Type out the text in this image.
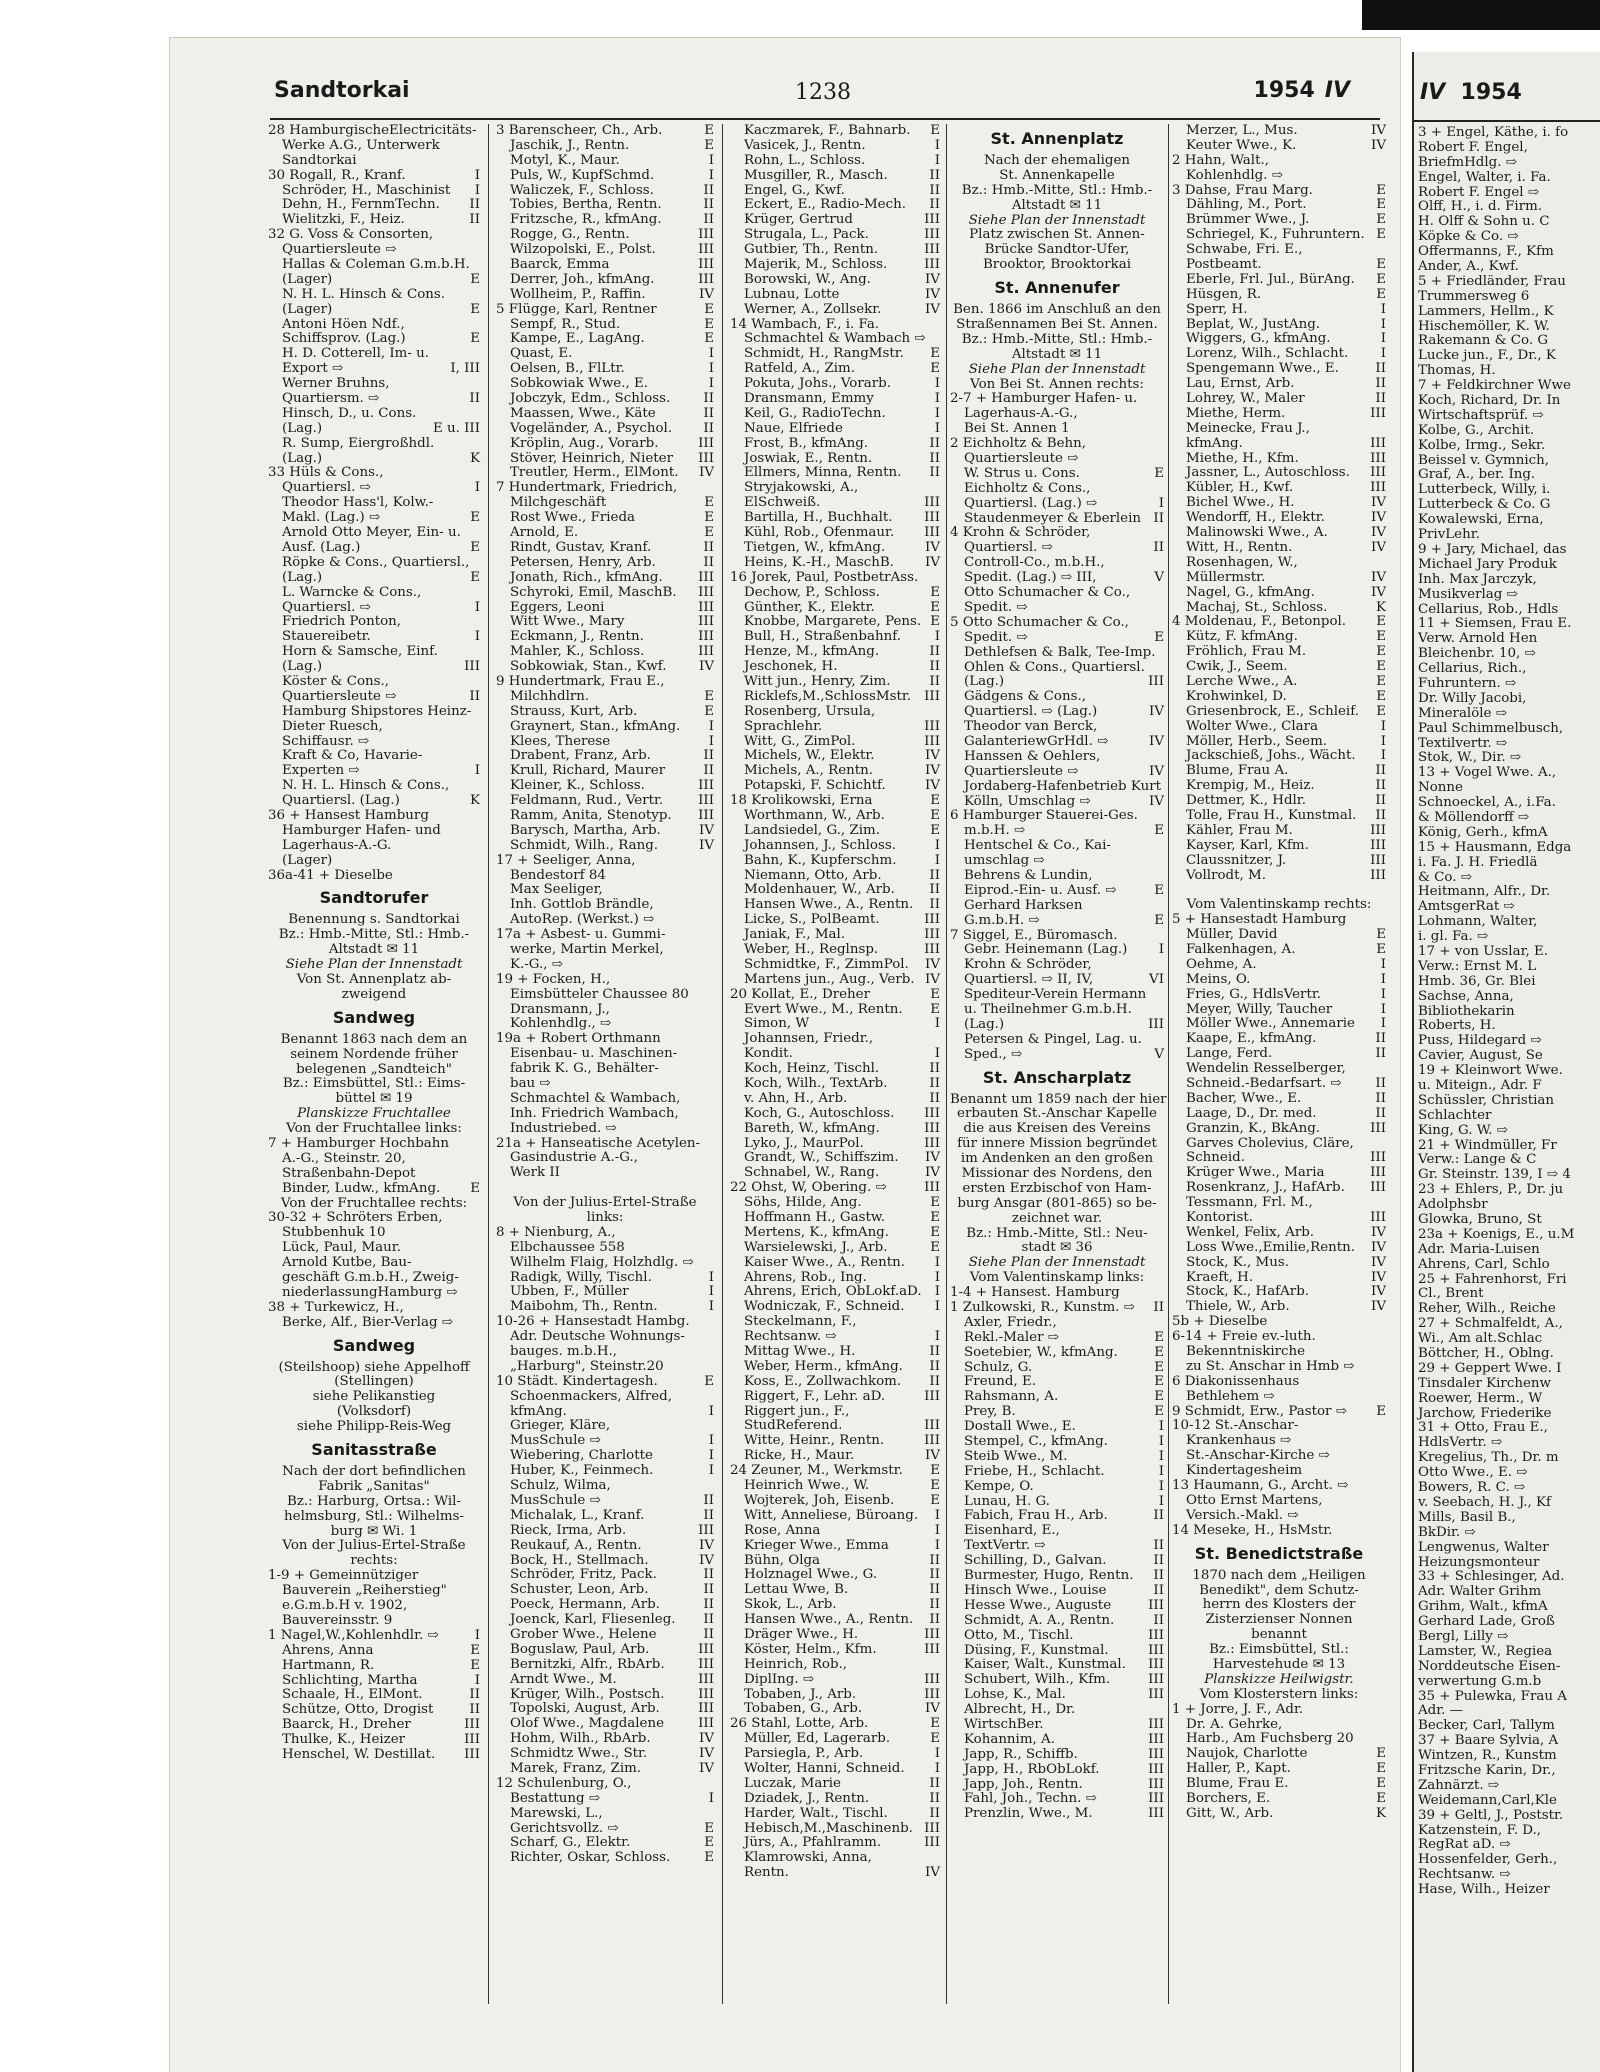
Sandtorkai	1238	1954 IV
28 HamburgischeElectricitäts-
Werke A.G., Unterwerk
Sandtorkai
30 Rogall, R., Kranf.	I
Schröder, H., Maschinist I
Dehn, H., FernmTechn. II
Wielitzki, F., Heiz.	II
32 G. Voss & Consorten,
Quartiersleute ⇨
Hallas & Coleman G.m.b.H.
(Lager)	E
N. H. L. Hinsch & Cons.
(Lager)	E
Antoni Höen Ndf.,
Schiffsprov. (Lag.)	E
H. D. Cotterell, Im- u.
Export ⇨	I, III
Werner Bruhns,
Quartiersm. ⇨	II
Hinsch, D., u. Cons.
(Lag.)	E u. III
R. Sump, Eiergroßhdl.
(Lag.)	K
33 Hüls & Cons.,
Quartiersl. ⇨	I
Theodor Hass'l, Kolw.-
Makl. (Lag.) ⇨	E
Arnold Otto Meyer, Ein- u.
Ausf. (Lag.)	E
Röpke & Cons., Quartiersl.,
(Lag.)	E
L. Warncke & Cons.,
Quartiersl. ⇨	I
Friedrich Ponton,
Stauereibetr.	I
Horn & Samsche, Einf.
(Lag.)	III
Köster & Cons.,
Quartiersleute ⇨	II
Hamburg Shipstores Heinz-
Dieter Ruesch,
Schiffausr. ⇨
Kraft & Co, Havarie-
Experten ⇨	I
N. H. L. Hinsch & Cons.,
Quartiersl. (Lag.)	K
36 + Hansest Hamburg
Hamburger Hafen- und
Lagerhaus-A.-G.
(Lager)
36a-41 + Dieselbe
Sandtorufer
Benennung s. Sandtorkai
Bz.: Hmb.-Mitte, Stl.: Hmb.-
Altstadt ✉ 11
Siehe Plan der Innenstadt
Von St. Annenplatz ab-
zweigend
Sandweg
Benannt 1863 nach dem an
seinem Nordende früher
belegenen „Sandteich"
Bz.: Eimsbüttel, Stl.: Eims-
büttel ✉ 19
Planskizze Fruchtallee
Von der Fruchtallee links:
7 + Hamburger Hochbahn
A.-G., Steinstr. 20,
Straßenbahn-Depot
Binder, Ludw., kfmAng. E
Von der Fruchtallee rechts:
30-32 + Schröters Erben,
Stubbenhuk 10
Lück, Paul, Maur.
Arnold Kutbe, Bau-
geschäft G.m.b.H., Zweig-
niederlassungHamburg ⇨
38 + Turkewicz, H.,
Berke, Alf., Bier-Verlag ⇨
Sandweg
(Steilshoop) siehe Appelhoff
(Stellingen)
siehe Pelikanstieg
(Volksdorf)
siehe Philipp-Reis-Weg
Sanitasstraße
Nach der dort befindlichen
Fabrik „Sanitas"
Bz.: Harburg, Ortsa.: Wil-
helmsburg, Stl.: Wilhelms-
burg ✉ Wi. 1
Von der Julius-Ertel-Straße
rechts:
1-9 + Gemeinnütziger
Bauverein „Reiherstieg"
e.G.m.b.H v. 1902,
Bauvereinsstr. 9
1 Nagel,W.,Kohlenhdlr. ⇨	I
Ahrens, Anna	E
Hartmann, R.	E
Schlichting, Martha	I
Schaale, H., ElMont.	II
Schütze, Otto, Drogist	II
Baarck, H., Dreher	III
Thulke, K., Heizer	III
Henschel, W. Destillat. III
3 Barenscheer, Ch., Arb.	E
Jaschik, J., Rentn.	E
Motyl, K., Maur.	I
Puls, W., KupfSchmd.	I
Waliczek, F., Schloss.	II
Tobies, Bertha, Rentn.	II
Fritzsche, R., kfmAng.	II
Rogge, G., Rentn.	III
Wilzopolski, E., Polst.	III
Baarck, Emma	III
Derrer, Joh., kfmAng.	III
Wollheim, P., Raffin.	IV
5 Flügge, Karl, Rentner	E
Sempf, R., Stud.	E
Kampe, E., LagAng.	E
Quast, E.	I
Oelsen, B., FlLtr.	I
Sobkowiak Wwe., E.	I
Jobczyk, Edm., Schloss. II
Maassen, Wwe., Käte	II
Vogeländer, A., Psychol. II
Kröplin, Aug., Vorarb.	III
Stöver, Heinrich, Nieter III
Treutler, Herm., ElMont. IV
7 Hundertmark, Friedrich,
Milchgeschäft	E
Rost Wwe., Frieda	E
Arnold, E.	E
Rindt, Gustav, Kranf.	II
Petersen, Henry, Arb.	II
Jonath, Rich., kfmAng.	III
Schyroki, Emil, MaschB. III
Eggers, Leoni	III
Witt Wwe., Mary	III
Eckmann, J., Rentn.	III
Mahler, K., Schloss.	III
Sobkowiak, Stan., Kwf. IV
9 Hundertmark, Frau E.,
Milchhdlrn.	E
Strauss, Kurt, Arb.	E
Graynert, Stan., kfmAng. I
Klees, Therese	I
Drabent, Franz, Arb.	II
Krull, Richard, Maurer	II
Kleiner, K., Schloss.	III
Feldmann, Rud., Vertr.	III
Ramm, Anita, Stenotyp. III
Barysch, Martha, Arb.	IV
Schmidt, Wilh., Rang.	IV
17 + Seeliger, Anna,
Bendestorf 84
Max Seeliger,
Inh. Gottlob Brändle,
AutoRep. (Werkst.) ⇨
17a + Asbest- u. Gummi-
werke, Martin Merkel,
K.-G., ⇨
19 + Focken, H.,
Eimsbütteler Chaussee 80
Dransmann, J.,
Kohlenhdlg., ⇨
19a + Robert Orthmann
Eisenbau- u. Maschinen-
fabrik K. G., Behälter-
bau ⇨
Schmachtel & Wambach,
Inh. Friedrich Wambach,
Industriebed. ⇨
21a + Hanseatische Acetylen-
Gasindustrie A.-G.,
Werk II
Von der Julius-Ertel-Straße
links:
8 + Nienburg, A.,
Elbchaussee 558
Wilhelm Flaig, Holzhdlg. ⇨
Radigk, Willy, Tischl.	I
Ubben, F., Müller	I
Maibohm, Th., Rentn.	I
10-26 + Hansestadt Hambg.
Adr. Deutsche Wohnungs-
bauges. m.b.H.,
„Harburg", Steinstr.20
10 Städt. Kindertagesh.	E
Schoenmackers, Alfred,
kfmAng.	I
Grieger, Kläre,
MusSchule ⇨	I
Wiebering, Charlotte	I
Huber, K., Feinmech.	I
Schulz, Wilma,
MusSchule ⇨	II
Michalak, L., Kranf.	II
Rieck, Irma, Arb.	III
Reukauf, A., Rentn.	IV
Bock, H., Stellmach.	IV
Schröder, Fritz, Pack.	II
Schuster, Leon, Arb.	II
Poeck, Hermann, Arb.	II
Joenck, Karl, Fliesenleg. II
Grober Wwe., Helene	II
Boguslaw, Paul, Arb.	III
Bernitzki, Alfr., RbArb.	III
Arndt Wwe., M.	III
Krüger, Wilh., Postsch.	III
Topolski, August, Arb.	III
Olof Wwe., Magdalene	III
Hohm, Wilh., RbArb.	IV
Schmidtz Wwe., Str.	IV
Marek, Franz, Zim.	IV
12 Schulenburg, O.,
Bestattung ⇨	I
Marewski, L.,
Gerichtsvollz. ⇨	E
Scharf, G., Elektr.	E
Richter, Oskar, Schloss.	E
Kaczmarek, F., Bahnarb. E
Vasicek, J., Rentn.	I
Rohn, L., Schloss.	I
Musgiller, R., Masch.	II
Engel, G., Kwf.	II
Eckert, E., Radio-Mech. II
Krüger, Gertrud	III
Strugala, L., Pack.	III
Gutbier, Th., Rentn.	III
Majerik, M., Schloss.	III
Borowski, W., Ang.	IV
Lubnau, Lotte	IV
Werner, A., Zollsekr.	IV
14 Wambach, F., i. Fa.
Schmachtel & Wambach ⇨
Schmidt, H., RangMstr. E
Ratfeld, A., Zim.	E
Pokuta, Johs., Vorarb.	I
Dransmann, Emmy	I
Keil, G., RadioTechn.	I
Naue, Elfriede	I
Frost, B., kfmAng.	II
Joswiak, E., Rentn.	II
Ellmers, Minna, Rentn. II
Stryjakowski, A.,
ElSchweiß.	III
Bartilla, H., Buchhalt. III
Kühl, Rob., Ofenmaur. III
Tietgen, W., kfmAng.	IV
Heins, K.-H., MaschB. IV
16 Jorek, Paul, PostbetrAss.
Dechow, P., Schloss.	E
Günther, K., Elektr.	E
Knobbe, Margarete, Pens. E
Bull, H., Straßenbahnf.	I
Henze, M., kfmAng.	II
Jeschonek, H.	II
Witt jun., Henry, Zim.	II
Ricklefs,M.,SchlossMstr. III
Rosenberg, Ursula,
Sprachlehr.	III
Witt, G., ZimPol.	III
Michels, W., Elektr.	IV
Michels, A., Rentn.	IV
Potapski, F. Schichtf.	IV
18 Krolikowski, Erna	E
Worthmann, W., Arb.	E
Landsiedel, G., Zim.	E
Johannsen, J., Schloss.	I
Bahn, K., Kupferschm.	I
Niemann, Otto, Arb.	II
Moldenhauer, W., Arb.	II
Hansen Wwe., A., Rentn. II
Licke, S., PolBeamt.	III
Janiak, F., Mal.	III
Weber, H., Reglnsp.	III
Schmidtke, F., ZimmPol. IV
Martens jun., Aug., Verb. IV
20 Kollat, E., Dreher	E
Evert Wwe., M., Rentn. E
Simon, W	I
Johannsen, Friedr.,
Kondit.	I
Koch, Heinz, Tischl.	II
Koch, Wilh., TextArb.	II
v. Ahn, H., Arb.	II
Koch, G., Autoschloss. III
Bareth, W., kfmAng.	III
Lyko, J., MaurPol.	III
Grandt, W., Schiffszim. IV
Schnabel, W., Rang.	IV
22 Ohst, W, Obering. ⇨	III
Söhs, Hilde, Ang.	E
Hoffmann H., Gastw.	E
Mertens, K., kfmAng.	E
Warsielewski, J., Arb.	E
Kaiser Wwe., A., Rentn. I
Ahrens, Rob., Ing.	I
Ahrens, Erich, ObLokf.aD. I
Wodniczak, F., Schneid. I
Steckelmann, F.,
Rechtsanw. ⇨	I
Mittag Wwe., H.	II
Weber, Herm., kfmAng. II
Koss, E., Zollwachkom. II
Riggert, F., Lehr. aD.	III
Riggert jun., F.,
StudReferend.	III
Witte, Heinr., Rentn.	III
Ricke, H., Maur.	IV
24 Zeuner, M., Werkmstr. E
Heinrich Wwe., W.	E
Wojterek, Joh, Eisenb.	E
Witt, Anneliese, Büroang. I
Rose, Anna	I
Krieger Wwe., Emma	I
Bühn, Olga	II
Holznagel Wwe., G.	II
Lettau Wwe, B.	II
Skok, L., Arb.	II
Hansen Wwe., A., Rentn. II
Dräger Wwe., H.	III
Köster, Helm., Kfm.	III
Heinrich, Rob.,
DiplIng. ⇨	III
Tobaben, J., Arb.	III
Tobaben, G., Arb.	IV
26 Stahl, Lotte, Arb.	E
Müller, Ed, Lagerarb.	E
Parsiegla, P., Arb.	I
Wolter, Hanni, Schneid. I
Luczak, Marie	II
Dziadek, J., Rentn.	II
Harder, Walt., Tischl.	II
Hebisch,M.,Maschinenb. III
Jürs, A., Pfahlramm.	III
Klamrowski, Anna,
Rentn.	IV
St. Annenplatz
Nach der ehemaligen
St. Annenkapelle
Bz.: Hmb.-Mitte, Stl.: Hmb.-
Altstadt ✉ 11
Siehe Plan der Innenstadt
Platz zwischen St. Annen-
Brücke Sandtor-Ufer,
Brooktor, Brooktorkai
St. Annenufer
Ben. 1866 im Anschluß an den
Straßennamen Bei St. Annen.
Bz.: Hmb.-Mitte, Stl.: Hmb.-
Altstadt ✉ 11
Siehe Plan der Innenstadt
Von Bei St. Annen rechts:
2-7 + Hamburger Hafen- u.
Lagerhaus-A.-G.,
Bei St. Annen 1
2 Eichholtz & Behn,
Quartiersleute ⇨
W. Strus u. Cons.	E
Eichholtz & Cons.,
Quartiersl. (Lag.) ⇨	I
Staudenmeyer & Eberlein II
4 Krohn & Schröder,
Quartiersl. ⇨	II
Controll-Co., m.b.H.,
Spedit. (Lag.) ⇨ III,	V
Otto Schumacher & Co.,
Spedit. ⇨
5 Otto Schumacher & Co.,
Spedit. ⇨	E
Dethlefsen & Balk, Tee-Imp.
Ohlen & Cons., Quartiersl.
(Lag.)	III
Gädgens & Cons.,
Quartiersl. ⇨ (Lag.)	IV
Theodor van Berck,
GalanteriewGrHdl. ⇨	IV
Hanssen & Oehlers,
Quartiersleute ⇨	IV
Jordaberg-Hafenbetrieb Kurt
Kölln, Umschlag ⇨	IV
6 Hamburger Stauerei-Ges.
m.b.H. ⇨	E
Hentschel & Co., Kai-
umschlag ⇨
Behrens & Lundin,
Eiprod.-Ein- u. Ausf. ⇨	E
Gerhard Harksen
G.m.b.H. ⇨	E
7 Siggel, E., Büromasch.
Gebr. Heinemann (Lag.) I
Krohn & Schröder,
Quartiersl. ⇨ II, IV,	VI
Spediteur-Verein Hermann
u. Theilnehmer G.m.b.H.
(Lag.)	III
Petersen & Pingel, Lag. u.
Sped., ⇨	V
St. Anscharplatz
Benannt um 1859 nach der hier
erbauten St.-Anschar Kapelle
die aus Kreisen des Vereins
für innere Mission begründet
im Andenken an den großen
Missionar des Nordens, den
ersten Erzbischof von Ham-
burg Ansgar (801-865) so be-
zeichnet war.
Bz.: Hmb.-Mitte, Stl.: Neu-
stadt ✉ 36
Siehe Plan der Innenstadt
Vom Valentinskamp links:
1-4 + Hansest. Hamburg
1 Zulkowski, R., Kunstm. ⇨ II
Axler, Friedr.,
Rekl.-Maler ⇨	E
Soetebier, W., kfmAng.	E
Schulz, G.	E
Freund, E.	E
Rahsmann, A.	E
Prey, B.	E
Dostall Wwe., E.	I
Stempel, C., kfmAng.	I
Steib Wwe., M.	I
Friebe, H., Schlacht.	I
Kempe, O.	I
Lunau, H. G.	I
Fabich, Frau H., Arb.	II
Eisenhard, E.,
TextVertr. ⇨	II
Schilling, D., Galvan.	II
Burmester, Hugo, Rentn. II
Hinsch Wwe., Louise	II
Hesse Wwe., Auguste	III
Schmidt, A. A., Rentn.	II
Otto, M., Tischl.	III
Düsing, F., Kunstmal.	III
Kaiser, Walt., Kunstmal. III
Schubert, Wilh., Kfm.	III
Lohse, K., Mal.	III
Albrecht, H., Dr.
WirtschBer.	III
Kohannim, A.	III
Japp, R., Schiffb.	III
Japp, H., RbObLokf.	III
Japp, Joh., Rentn.	III
Fahl, Joh., Techn. ⇨	III
Prenzlin, Wwe., M.	III
Merzer, L., Mus.	IV
Keuter Wwe., K.	IV
2 Hahn, Walt.,
Kohlenhdlg. ⇨
3 Dahse, Frau Marg.	E
Dähling, M., Port.	E
Brümmer Wwe., J.	E
Schriegel, K., Fuhruntern. E
Schwabe, Fri. E.,
Postbeamt.	E
Eberle, Frl. Jul., BürAng. E
Hüsgen, R.	E
Sperr, H.	I
Beplat, W., JustAng.	I
Wiggers, G., kfmAng.	I
Lorenz, Wilh., Schlacht. I
Spengemann Wwe., E.	II
Lau, Ernst, Arb.	II
Lohrey, W., Maler	II
Miethe, Herm.	III
Meinecke, Frau J.,
kfmAng.	III
Miethe, H., Kfm.	III
Jassner, L., Autoschloss. III
Kübler, H., Kwf.	III
Bichel Wwe., H.	IV
Wendorff, H., Elektr.	IV
Malinowski Wwe., A.	IV
Witt, H., Rentn.	IV
Rosenhagen, W.,
Müllermstr.	IV
Nagel, G., kfmAng.	IV
Machaj, St., Schloss.	K
4 Moldenau, F., Betonpol. E
Kütz, F. kfmAng.	E
Fröhlich, Frau M.	E
Cwik, J., Seem.	E
Lerche Wwe., A.	E
Krohwinkel, D.	E
Griesenbrock, E., Schleif. E
Wolter Wwe., Clara	I
Möller, Herb., Seem.	I
Jackschieß, Johs., Wächt. I
Blume, Frau A.	II
Krempig, M., Heiz.	II
Dettmer, K., Hdlr.	II
Tolle, Frau H., Kunstmal. II
Kähler, Frau M.	III
Kayser, Karl, Kfm.	III
Claussnitzer, J.	III
Vollrodt, M.	III
Vom Valentinskamp rechts:
5 + Hansestadt Hamburg
Müller, David	E
Falkenhagen, A.	E
Oehme, A.	I
Meins, O.	I
Fries, G., HdlsVertr.	I
Meyer, Willy, Taucher	I
Möller Wwe., Annemarie I
Kaape, E., kfmAng.	II
Lange, Ferd.	II
Wendelin Resselberger,
Schneid.-Bedarfsart. ⇨	II
Bacher, Wwe., E.	II
Laage, D., Dr. med.	II
Granzin, K., BkAng.	III
Garves Cholevius, Cläre,
Schneid.	III
Krüger Wwe., Maria	III
Rosenkranz, J., HafArb. III
Tessmann, Frl. M.,
Kontorist.	III
Wenkel, Felix, Arb.	IV
Loss Wwe.,Emilie,Rentn. IV
Stock, K., Mus.	IV
Kraeft, H.	IV
Stock, K., HafArb.	IV
Thiele, W., Arb.	IV
5b + Dieselbe
6-14 + Freie ev.-luth.
Bekenntniskirche
zu St. Anschar in Hmb ⇨
6 Diakonissenhaus
Bethlehem ⇨
9 Schmidt, Erw., Pastor ⇨ E
10-12 St.-Anschar-
Krankenhaus ⇨
St.-Anschar-Kirche ⇨
Kindertagesheim
13 Haumann, G., Archt. ⇨
Otto Ernst Martens,
Versich.-Makl. ⇨
14 Meseke, H., HsMstr.
St. Benedictstraße
1870 nach dem „Heiligen
Benedikt", dem Schutz-
herrn des Klosters der
Zisterzienser Nonnen
benannt
Bz.: Eimsbüttel, Stl.:
Harvestehude ✉ 13
Planskizze Heilwigstr.
Vom Klosterstern links:
1 + Jorre, J. F., Adr.
Dr. A. Gehrke,
Harb., Am Fuchsberg 20
Naujok, Charlotte	E
Haller, P., Kapt.	E
Blume, Frau E.	E
Borchers, E.	E
Gitt, W., Arb.	K
IV 1954
3 + Engel, Käthe, i. fo
Robert F. Engel,
BriefmHdlg. ⇨
Engel, Walter, i. Fa.
Robert F. Engel ⇨
Olff, H., i. d. Firm.
H. Olff & Sohn u. C
Köpke & Co. ⇨
Offermanns, F., Kfm
Ander, A., Kwf.
5 + Friedländer, Frau
Trummersweg 6
Lammers, Hellm., K
Hischemöller, K. W.
Rakemann & Co. G
Lucke jun., F., Dr., K
Thomas, H.
7 + Feldkirchner Wwe
Koch, Richard, Dr. In
Wirtschaftsprüf. ⇨
Kolbe, G., Archit.
Kolbe, Irmg., Sekr.
Beissel v. Gymnich,
Graf, A., ber. Ing.
Lutterbeck, Willy, i.
Lutterbeck & Co. G
Kowalewski, Erna,
PrivLehr.
9 + Jary, Michael, das
Michael Jary Produk
Inh. Max Jarczyk,
Musikverlag ⇨
Cellarius, Rob., Hdls
11 + Siemsen, Frau E.
Verw. Arnold Hen
Bleichenbr. 10, ⇨
Cellarius, Rich.,
Fuhruntern. ⇨
Dr. Willy Jacobi,
Mineralöle ⇨
Paul Schimmelbusch,
Textilvertr. ⇨
Stok, W., Dir. ⇨
13 + Vogel Wwe. A.,
Nonne
Schnoeckel, A., i.Fa.
& Möllendorff ⇨
König, Gerh., kfmA
15 + Hausmann, Edga
i. Fa. J. H. Friedlä
& Co. ⇨
Heitmann, Alfr., Dr.
AmtsgerRat ⇨
Lohmann, Walter,
i. gl. Fa. ⇨
17 + von Usslar, E.
Verw.: Ernst M. L
Hmb. 36, Gr. Blei
Sachse, Anna,
Bibliothekarin
Roberts, H.
Puss, Hildegard ⇨
Cavier, August, Se
19 + Kleinwort Wwe.
u. Miteign., Adr. F
Schüssler, Christian
Schlachter
King, G. W. ⇨
21 + Windmüller, Fr
Verw.: Lange & C
Gr. Steinstr. 139, I ⇨ 4
23 + Ehlers, P., Dr. ju
Adolphsbr
Glowka, Bruno, St
23a + Koenigs, E., u.M
Adr. Maria-Luisen
Ahrens, Carl, Schlo
25 + Fahrenhorst, Fri
Cl., Brent
Reher, Wilh., Reiche
27 + Schmalfeldt, A.,
Wi., Am alt.Schlac
Böttcher, H., Oblng.
29 + Geppert Wwe. I
Tinsdaler Kirchenw
Roewer, Herm., W
Jarchow, Friederike
31 + Otto, Frau E.,
HdlsVertr. ⇨
Kregelius, Th., Dr. m
Otto Wwe., E. ⇨
Bowers, R. C. ⇨
v. Seebach, H. J., Kf
Mills, Basil B.,
BkDir. ⇨
Lengwenus, Walter
Heizungsmonteur
33 + Schlesinger, Ad.
Adr. Walter Grihm
Grihm, Walt., kfmA
Gerhard Lade, Groß
Bergl, Lilly ⇨
Lamster, W., Regiea
Norddeutsche Eisen-
verwertung G.m.b
35 + Pulewka, Frau A
Adr. —
Becker, Carl, Tallym
37 + Baare Sylvia, A
Wintzen, R., Kunstm
Fritzsche Karin, Dr.,
Zahnärzt. ⇨
Weidemann,Carl,Kle
39 + Geltl, J., Poststr.
Katzenstein, F. D.,
RegRat aD. ⇨
Hossenfelder, Gerh.,
Rechtsanw. ⇨
Hase, Wilh., Heizer
